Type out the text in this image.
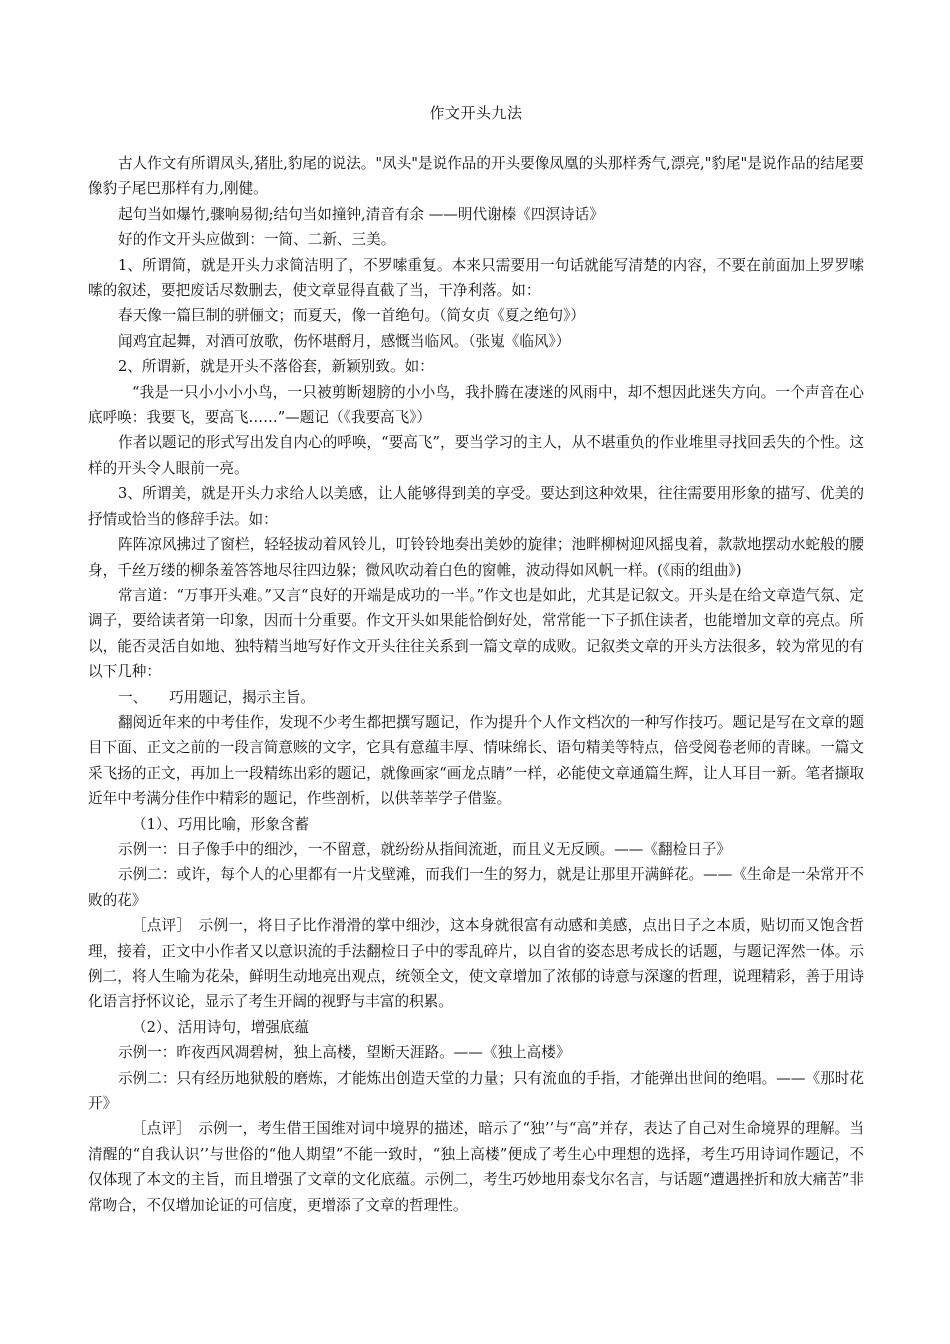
作文开头九法

古人作文有所谓凤头,猪肚,豹尾的说法。"凤头"是说作品的开头要像凤凰的头那样秀气,漂亮,"豹尾"是说作品的结尾要像豹子尾巴那样有力,刚健。

起句当如爆竹,骤响易彻;结句当如撞钟,清音有余 ——明代谢榛《四溟诗话》

好的作文开头应做到：一简、二新、三美。

1、所谓简，就是开头力求简洁明了，不罗嗦重复。本来只需要用一句话就能写清楚的内容，不要在前面加上罗罗嗦嗦的叙述，要把废话尽数删去，使文章显得直截了当，干净利落。如：

春天像一篇巨制的骈俪文；而夏天，像一首绝句。（简女贞《夏之绝句》）

闻鸡宜起舞，对酒可放歌，伤怀堪酹月，感慨当临风。（张嵬《临风》）

2、所谓新，就是开头不落俗套，新颖别致。如：

“我是一只小小小小鸟，一只被剪断翅膀的小小鸟，我扑腾在凄迷的风雨中，却不想因此迷失方向。一个声音在心底呼唤：我要飞，要高飞……”—题记（《我要高飞》）

作者以题记的形式写出发自内心的呼唤，“要高飞”，要当学习的主人，从不堪重负的作业堆里寻找回丢失的个性。这样的开头令人眼前一亮。

3、所谓美，就是开头力求给人以美感，让人能够得到美的享受。要达到这种效果，往往需要用形象的描写、优美的抒情或恰当的修辞手法。如：

阵阵凉风拂过了窗栏，轻轻拔动着风铃儿，叮铃铃地奏出美妙的旋律；池畔柳树迎风摇曳着，款款地摆动水蛇般的腰身，千丝万缕的柳条羞答答地尽往四边躲；微风吹动着白色的窗帷，波动得如风帆一样。(《雨的组曲》)

常言道：“万事开头难。”又言“良好的开端是成功的一半。”作文也是如此，尤其是记叙文。开头是在给文章造气氛、定调子，要给读者第一印象，因而十分重要。作文开头如果能恰倒好处，常常能一下子抓住读者，也能增加文章的亮点。所以，能否灵活自如地、独特精当地写好作文开头往往关系到一篇文章的成败。记叙类文章的开头方法很多，较为常见的有以下几种：

一、　　巧用题记，揭示主旨。

翻阅近年来的中考佳作，发现不少考生都把撰写题记，作为提升个人作文档次的一种写作技巧。题记是写在文章的题目下面、正文之前的一段言简意赅的文字，它具有意蕴丰厚、情味绵长、语句精美等特点，倍受阅卷老师的青睐。一篇文采飞扬的正文，再加上一段精练出彩的题记，就像画家“画龙点睛”一样，必能使文章通篇生辉，让人耳目一新。笔者撷取近年中考满分佳作中精彩的题记，作些剖析，以供莘莘学子借鉴。

（1）、巧用比喻，形象含蓄

示例一：日子像手中的细沙，一不留意，就纷纷从指间流逝，而且义无反顾。——《翻检日子》

示例二：或许，每个人的心里都有一片戈壁滩，而我们一生的努力，就是让那里开满鲜花。——《生命是一朵常开不败的花》

［点评］　示例一，将日子比作滑滑的掌中细沙，这本身就很富有动感和美感，点出日子之本质，贴切而又饱含哲理，接着，正文中小作者又以意识流的手法翻检日子中的零乱碎片，以自省的姿态思考成长的话题，与题记浑然一体。示例二，将人生喻为花朵，鲜明生动地亮出观点，统领全文，使文章增加了浓郁的诗意与深邃的哲理，说理精彩，善于用诗化语言抒怀议论，显示了考生开阔的视野与丰富的积累。

（2）、活用诗句，增强底蕴

示例一：昨夜西风凋碧树，独上高楼，望断天涯路。——《独上高楼》

示例二：只有经历地狱般的磨炼，才能炼出创造天堂的力量；只有流血的手指，才能弹出世间的绝唱。——《那时花开》

［点评］　示例一，考生借王国维对词中境界的描述，暗示了“独’’与“高”并存，表达了自己对生命境界的理解。当清醒的“自我认识’’与世俗的“他人期望”不能一致时，“独上高楼”便成了考生心中理想的选择，考生巧用诗词作题记，不仅体现了本文的主旨，而且增强了文章的文化底蕴。示例二，考生巧妙地用泰戈尔名言，与话题“遭遇挫折和放大痛苦”非常吻合，不仅增加论证的可信度，更增添了文章的哲理性。
